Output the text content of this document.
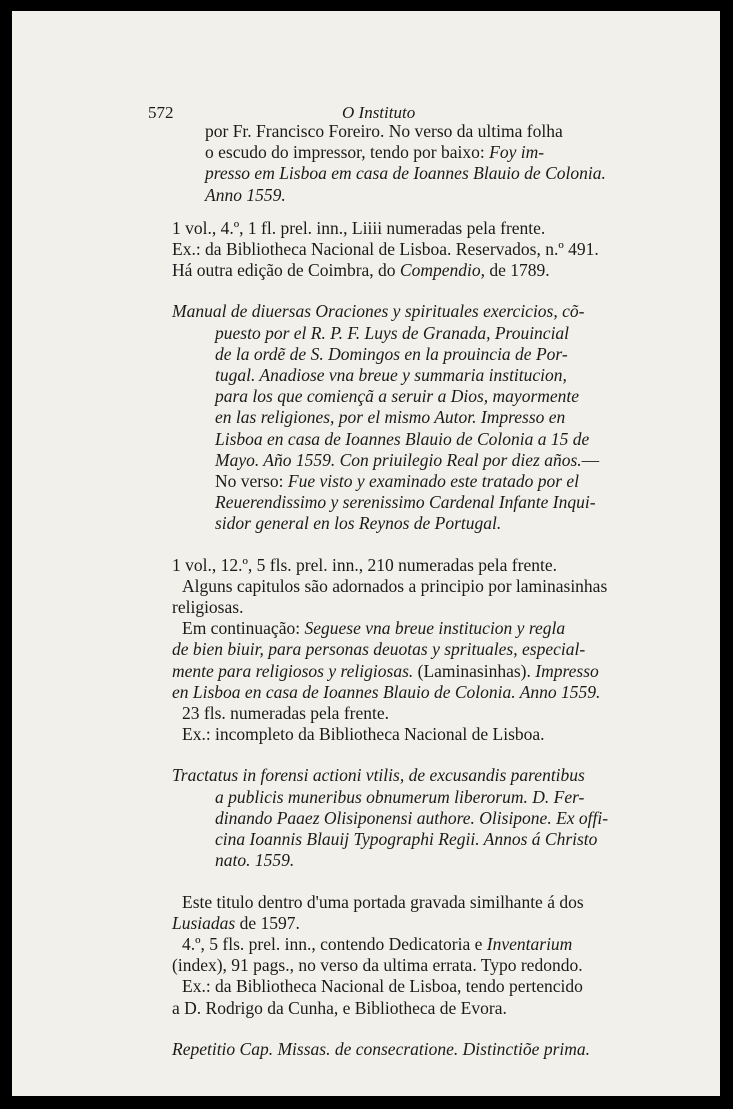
572	O Instituto
por Fr. Francisco Foreiro. No verso da ultima folha
o escudo do impressor, tendo por baixo: Foy im-
presso em Lisboa em casa de Ioannes Blauio de Colonia.
Anno 1559.
1 vol., 4.º, 1 fl. prel. inn., Liiii numeradas pela frente.
Ex.: da Bibliotheca Nacional de Lisboa. Reservados, n.º 491.
Há outra edição de Coimbra, do Compendio, de 1789.
Manual de diuersas Oraciones y spirituales exercicios, cõ-
puesto por el R. P. F. Luys de Granada, Prouincial
de la ordẽ de S. Domingos en la prouincia de Por-
tugal. Anadiose vna breue y summaria institucion,
para los que comiençã a seruir a Dios, mayormente
en las religiones, por el mismo Autor. Impresso en
Lisboa en casa de Ioannes Blauio de Colonia a 15 de
Mayo. Año 1559. Con priuilegio Real por diez años.—
No verso: Fue visto y examinado este tratado por el
Reuerendissimo y serenissimo Cardenal Infante Inqui-
sidor general en los Reynos de Portugal.
1 vol., 12.º, 5 fls. prel. inn., 210 numeradas pela frente.
Alguns capitulos são adornados a principio por laminasinhas
religiosas.
Em continuação: Seguese vna breue institucion y regla
de bien biuir, para personas deuotas y sprituales, especial-
mente para religiosos y religiosas. (Laminasinhas). Impresso
en Lisboa en casa de Ioannes Blauio de Colonia. Anno 1559.
23 fls. numeradas pela frente.
Ex.: incompleto da Bibliotheca Nacional de Lisboa.
Tractatus in forensi actioni vtilis, de excusandis parentibus
a publicis muneribus obnumerum liberorum. D. Fer-
dinando Paaez Olisiponensi authore. Olisipone. Ex offi-
cina Ioannis Blauij Typographi Regii. Annos á Christo
nato. 1559.
Este titulo dentro d'uma portada gravada similhante á dos
Lusiadas de 1597.
4.º, 5 fls. prel. inn., contendo Dedicatoria e Inventarium
(index), 91 pags., no verso da ultima errata. Typo redondo.
Ex.: da Bibliotheca Nacional de Lisboa, tendo pertencido
a D. Rodrigo da Cunha, e Bibliotheca de Evora.
Repetitio Cap. Missas. de consecratione. Distinctiõe prima.
